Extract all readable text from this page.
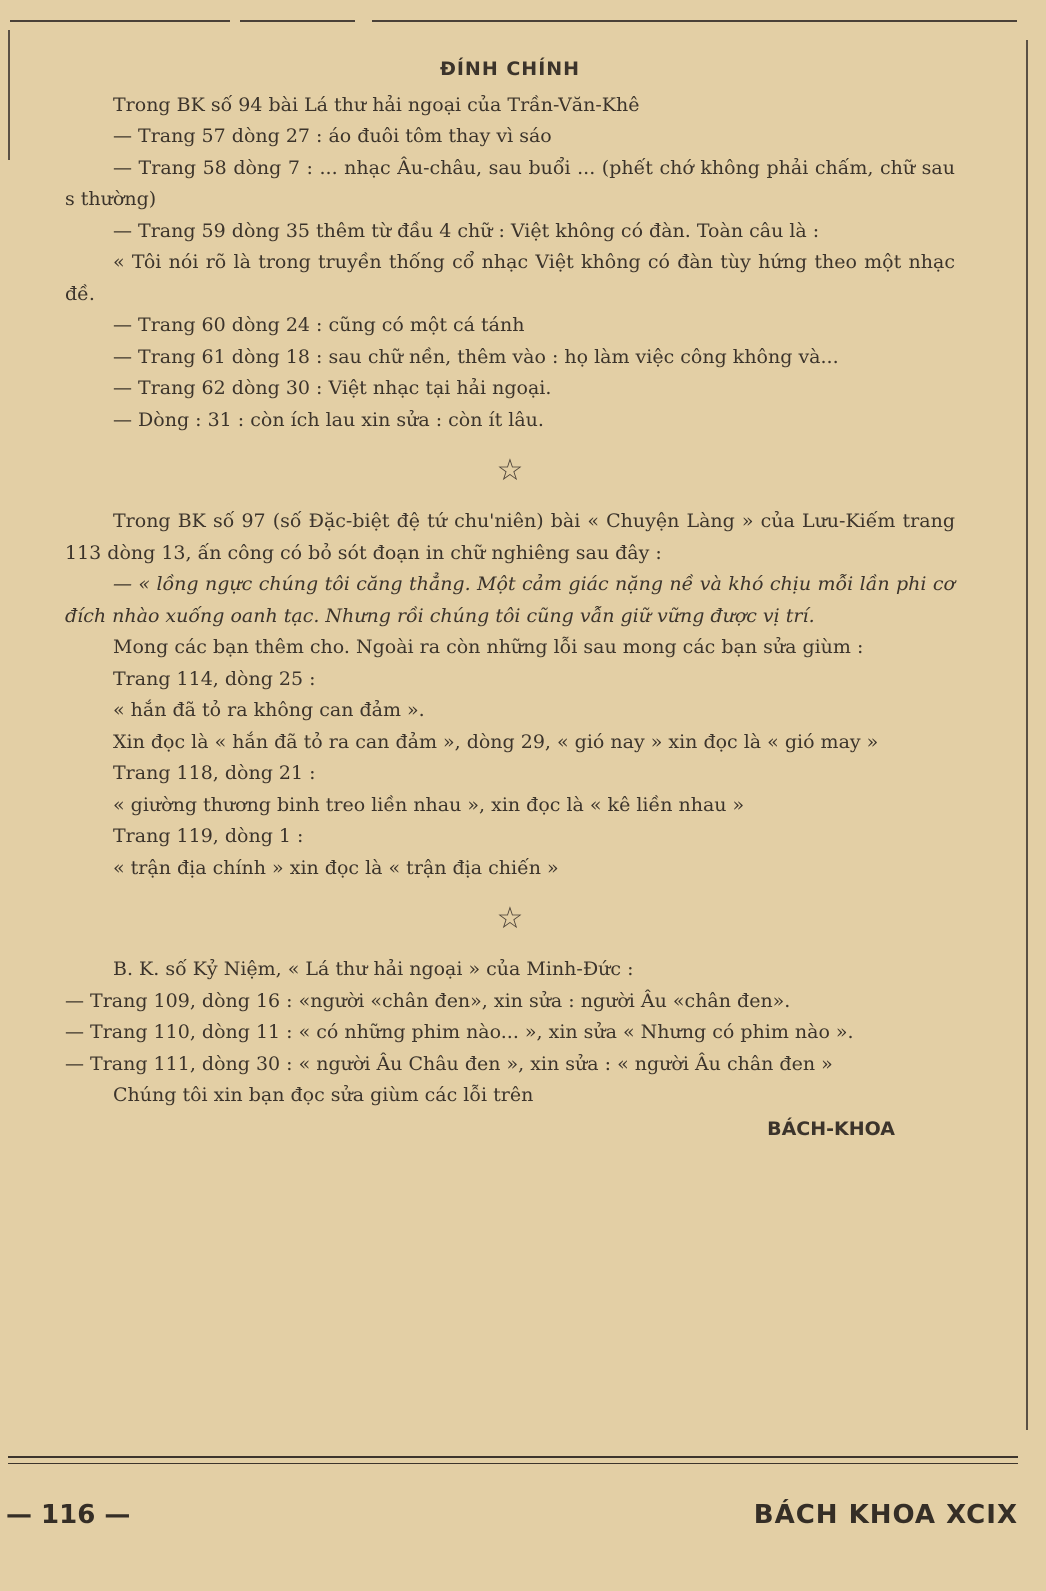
ĐÍNH CHÍNH

Trong BK số 94 bài Lá thư hải ngoại của Trần-Văn-Khê

— Trang 57 dòng 27 : áo đuôi tôm thay vì sáo

— Trang 58 dòng 7 : ... nhạc Âu-châu, sau buổi ... (phết chớ không phải chấm, chữ sau s thường)

— Trang 59 dòng 35 thêm từ đầu 4 chữ : Việt không có đàn. Toàn câu là :

« Tôi nói rõ là trong truyền thống cổ nhạc Việt không có đàn tùy hứng theo một nhạc đề.

— Trang 60 dòng 24 : cũng có một cá tánh

— Trang 61 dòng 18 : sau chữ nền, thêm vào : họ làm việc công không và...

— Trang 62 dòng 30 : Việt nhạc tại hải ngoại.

— Dòng : 31 : còn ích lau xin sửa : còn ít lâu.

☆

Trong BK số 97 (số Đặc-biệt đệ tứ chu'niên) bài « Chuyện Làng » của Lưu-Kiếm trang 113 dòng 13, ấn công có bỏ sót đoạn in chữ nghiêng sau đây :

— « lồng ngực chúng tôi căng thẳng. Một cảm giác nặng nề và khó chịu mỗi lần phi cơ đích nhào xuống oanh tạc. Nhưng rồi chúng tôi cũng vẫn giữ vững được vị trí.

Mong các bạn thêm cho. Ngoài ra còn những lỗi sau mong các bạn sửa giùm :

Trang 114, dòng 25 :

« hắn đã tỏ ra không can đảm ».

Xin đọc là « hắn đã tỏ ra can đảm », dòng 29, « gió nay » xin đọc là « gió may »

Trang 118, dòng 21 :

« giường thương binh treo liền nhau », xin đọc là « kê liền nhau »

Trang 119, dòng 1 :

« trận địa chính » xin đọc là « trận địa chiến »

☆

B. K. số Kỷ Niệm, « Lá thư hải ngoại » của Minh-Đức :

— Trang 109, dòng 16 : «người «chân đen», xin sửa : người Âu «chân đen».

— Trang 110, dòng 11 : « có những phim nào... », xin sửa « Nhưng có phim nào ».

— Trang 111, dòng 30 : « người Âu Châu đen », xin sửa : « người Âu chân đen »

Chúng tôi xin bạn đọc sửa giùm các lỗi trên

BÁCH-KHOA
— 116 —	BÁCH KHOA XCIX
